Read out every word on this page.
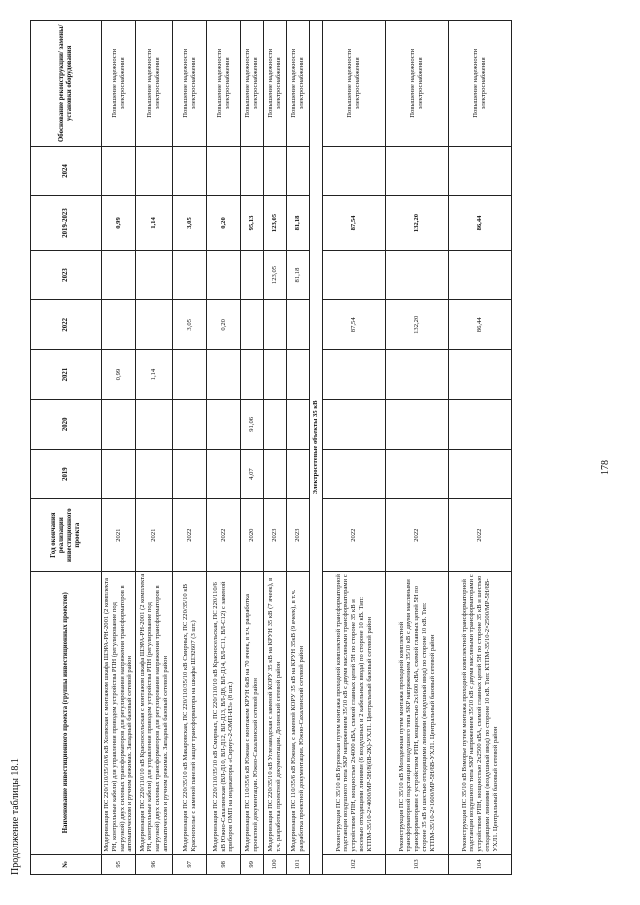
Продолжение таблицы 18.1	№	Наименование инвестиционного проекта (группы инвестиционных проектов)	Год окончания реализации инвестиционного проекта	2019	2020	2021	2022	2023	2019-2023	2024	Обоснование реконструкции/ замены/ установки оборудования
95	Модернизация ПС 220/110/35/10/6 кВ Холмская с монтажом шкафа ШЭРА-РН-2001 (2 комплекта РН, контрольные кабели) для управления приводом устройства РПН (регулирование под нагрузкой) двух силовых трансформаторов для регулирования напряжения трансформаторов в автоматическом и ручном режимах. Западный базовый сетевой район	2021			0,99			0,99		Повышение надежности электроснабжения
96	Модернизация ПС 220/110/10 кВ Красносельская с монтажом шкафа ШЭРА-РН-2001 (2 комплекта РН, контрольные кабели) для управления приводом устройства РПН (регулирование под нагрузкой) двух силовых трансформаторов для регулирования напряжения трансформаторов в автоматическом и ручном режимах. Западный базовый сетевой район	2021			1,14			1,14		Повышение надежности электроснабжения
97	Модернизация ПС 220/35/10 кВ Макаровская, ПС 220/110/35/10 кВ Смирных, ПС 220/35/10 кВ Краснополье с заменой панелей защит трансформатора на шкафы ШЭ2607 (3 шт.)	2022				3,05		3,05		Повышение надежности электроснабжения
98	Модернизация ПС 220/110/35/10 кВ Смирных, ПС 220/110/10 кВ Красносельская, ПС 220/110/6 кВ Южно-Сахалинская (ВЛ-Д10, ВЛ-Д12, ВЛ-Д13, ВЛ-Д8, ВЛ-Д14, ВЛ-С11, ВЛ-С12) с заменой приборов ОМП на индикаторы «Сириус-2-ОМП-И3» (8 шт.)	2022				0,20		0,20		Повышение надежности электроснабжения
99	Модернизация ПС 110/35/6 кВ Южная с монтажом КРУН 6кВ на 70 ячеек, в т.ч. разработка проектной документации. Южно-Сахалинский сетевой район	2020	4,07	91,06				95,13		Повышение надежности электроснабжения
100	Модернизация ПС 220/35/10 кВ Углезаводская с заменой КОРУ 35 кВ на КРУН 35 кВ (7 ячеек), в т.ч. разработка проектной документации. Долинский сетевой район	2023					123,05	123,05		Повышение надежности электроснабжения
101	Модернизация ПС 110/35/6 кВ Южная, с заменой КОРУ 35 кВ на КРУН 35кВ (9 ячеек), в т.ч. разработка проектной документации. Южно-Сахалинский сетевой район	2023					81,18	81,18		Повышение надежности электроснабжения
Электросетевые объекты 35 кВ										
102	Реконструкция ПС 35/10 кВ Буровская путем монтажа проходной комплектной трансформаторной подстанции воздушного типа SKP напряжением 35/10 кВ с двумя масляными трансформаторами с устройством РПН, мощностью 2х4000 кВА, схемой главных цепей 5Н по стороне 35 кВ и восемью отходящими линиями (6 воздушных и 2 кабельных ввода) по стороне 10 кВ. Тип: КТПМ-35/10-2×4000/МР-5Н/8(6В-2К)-УХЛ1. Центральный базовый сетевой район	2022				87,54		87,54		Повышение надежности электроснабжения
103	Реконструкция ПС 35/10 кВ Молодежная путем монтажа проходной комплектной трансформаторной подстанции воздушного типа SKP напряжением 35/10 кВ с двумя масляными трансформаторами с устройством РПН, мощностью 2х1600 кВА, схемой главных цепей 5Н по стороне 35 кВ и шестью отходящими линиями (воздушный ввод) по стороне 10 кВ. Тип: КТПМ-35/10-2×1600/МР-5Н/6В-УХЛ1. Центральный базовый сетевой район	2022				132,20		132,20		Повышение надежности электроснабжения
104	Реконструкция ПС 35/10 кВ Взморье путем монтажа проходной комплектной трансформаторной подстанции воздушного типа SKP напряжением 35/10 кВ с двумя масляными трансформаторами с устройством РПН, мощностью 2х2500 кВА, схемой главных цепей 5Н по стороне 35 кВ и шестью отходящими линиями (воздушный ввод) по стороне 10 кВ. Тип: КТПМ-35/10-2×2500/МР-5Н/6В-УХЛ1. Центральный базовый сетевой район	2022				86,44		86,44		Повышение надежности электроснабжения
178
